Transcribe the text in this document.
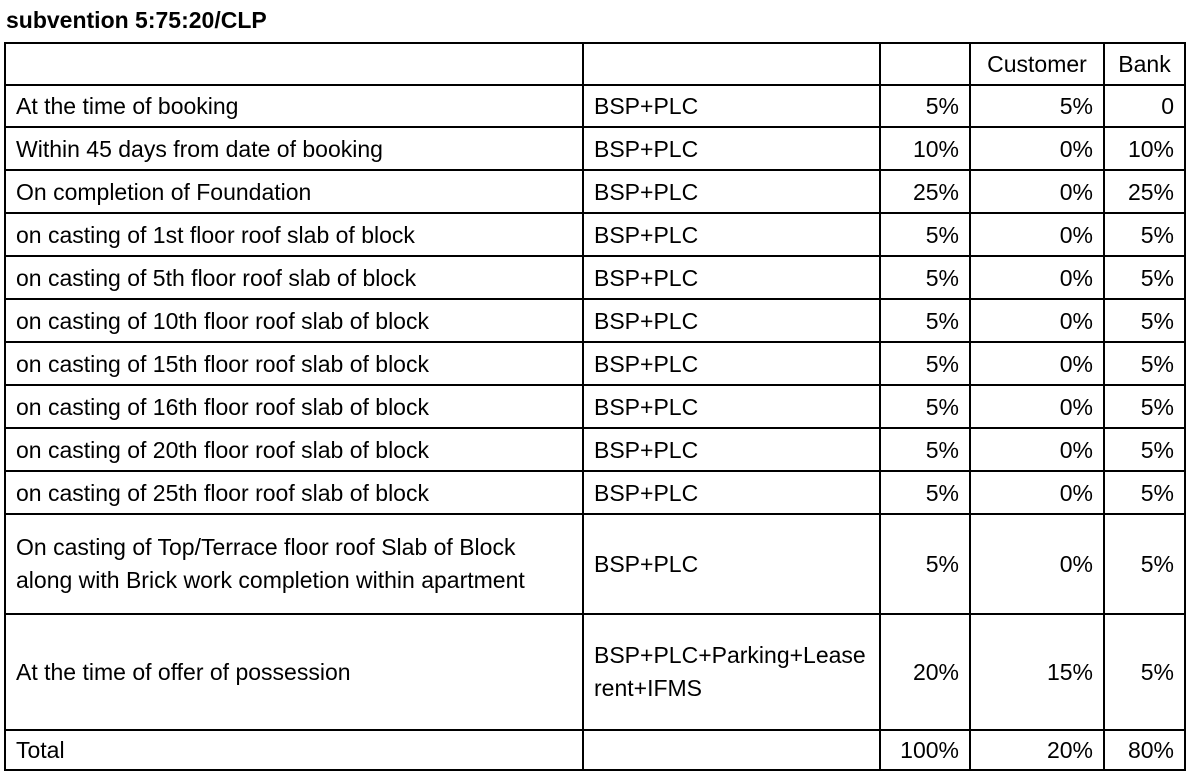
subvention 5:75:20/CLP
			Customer	Bank
At the time of booking	BSP+PLC	5%	5%	0
Within 45 days from date of booking	BSP+PLC	10%	0%	10%
On completion of Foundation	BSP+PLC	25%	0%	25%
on casting of 1st floor roof slab of block	BSP+PLC	5%	0%	5%
on casting of 5th floor roof slab of block	BSP+PLC	5%	0%	5%
on casting of 10th floor roof slab of block	BSP+PLC	5%	0%	5%
on casting of 15th floor roof slab of block	BSP+PLC	5%	0%	5%
on casting of 16th floor roof slab of block	BSP+PLC	5%	0%	5%
on casting of 20th floor roof slab of block	BSP+PLC	5%	0%	5%
on casting of 25th floor roof slab of block	BSP+PLC	5%	0%	5%
On casting of Top/Terrace floor roof Slab of Block along with Brick work completion within apartment	BSP+PLC	5%	0%	5%
At the time of offer of possession	BSP+PLC+Parking+Lease rent+IFMS	20%	15%	5%
Total		100%	20%	80%
